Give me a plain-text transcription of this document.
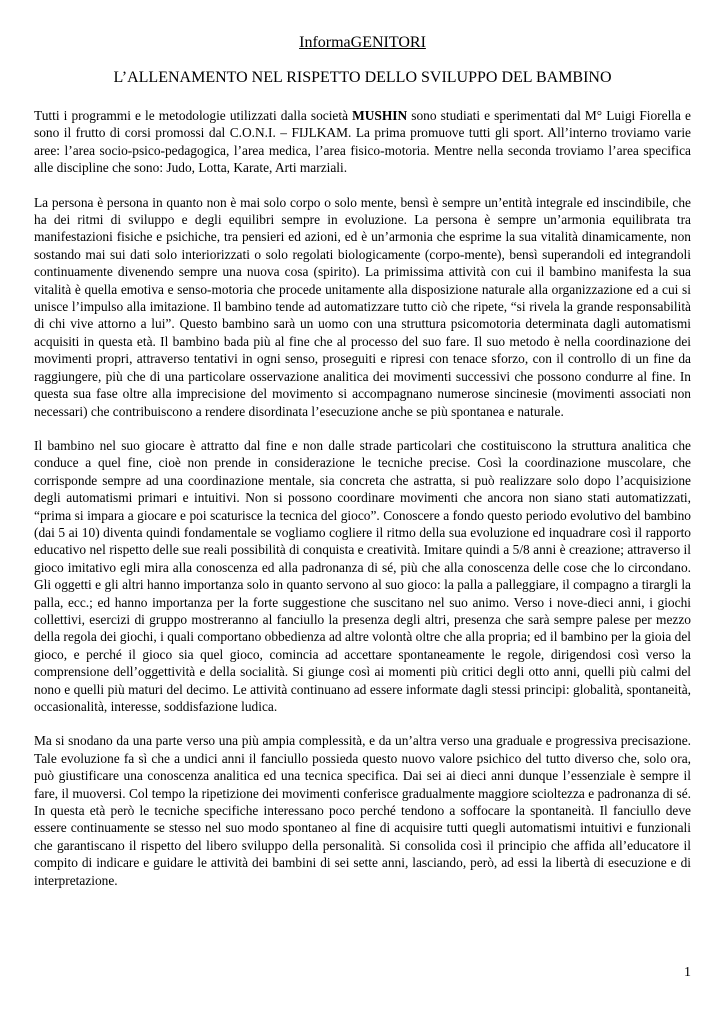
InformaGENITORI
L’ALLENAMENTO NEL RISPETTO DELLO SVILUPPO DEL BAMBINO

Tutti i programmi e le metodologie utilizzati dalla società MUSHIN sono studiati e sperimentati dal M° Luigi Fiorella e sono il frutto di corsi promossi dal C.O.N.I. – FIJLKAM. La prima promuove tutti gli sport. All’interno troviamo varie aree: l’area socio-psico-pedagogica, l’area medica, l’area fisico-motoria. Mentre nella seconda troviamo l’area specifica alle discipline che sono: Judo, Lotta, Karate, Arti marziali.

La persona è persona in quanto non è mai solo corpo o solo mente, bensì è sempre un’entità integrale ed inscindibile, che ha dei ritmi di sviluppo e degli equilibri sempre in evoluzione. La persona è sempre un’armonia equilibrata tra manifestazioni fisiche e psichiche, tra pensieri ed azioni, ed è un’armonia che esprime la sua vitalità dinamicamente, non sostando mai sui dati solo interiorizzati o solo regolati biologicamente (corpo-mente), bensì superandoli ed integrandoli continuamente divenendo sempre una nuova cosa (spirito). La primissima attività con cui il bambino manifesta la sua vitalità è quella emotiva e senso-motoria che procede unitamente alla disposizione naturale alla organizzazione ed a cui si unisce l’impulso alla imitazione. Il bambino tende ad automatizzare tutto ciò che ripete, “si rivela la grande responsabilità di chi vive attorno a lui”. Questo bambino sarà un uomo con una struttura psicomotoria determinata dagli automatismi acquisiti in questa età. Il bambino bada più al fine che al processo del suo fare. Il suo metodo è nella coordinazione dei movimenti propri, attraverso tentativi in ogni senso, proseguiti e ripresi con tenace sforzo, con il controllo di un fine da raggiungere, più che di una particolare osservazione analitica dei movimenti successivi che possono condurre al fine. In questa sua fase oltre alla imprecisione del movimento si accompagnano numerose sincinesie (movimenti associati non necessari) che contribuiscono a rendere disordinata l’esecuzione anche se più spontanea e naturale.

Il bambino nel suo giocare è attratto dal fine e non dalle strade particolari che costituiscono la struttura analitica che conduce a quel fine, cioè non prende in considerazione le tecniche precise. Così la coordinazione muscolare, che corrisponde sempre ad una coordinazione mentale, sia concreta che astratta, si può realizzare solo dopo l’acquisizione degli automatismi primari e intuitivi. Non si possono coordinare movimenti che ancora non siano stati automatizzati, “prima si impara a giocare e poi scaturisce la tecnica del gioco”. Conoscere a fondo questo periodo evolutivo del bambino (dai 5 ai 10) diventa quindi fondamentale se vogliamo cogliere il ritmo della sua evoluzione ed inquadrare così il rapporto educativo nel rispetto delle sue reali possibilità di conquista e creatività. Imitare quindi a 5/8 anni è creazione; attraverso il gioco imitativo egli mira alla conoscenza ed alla padronanza di sé, più che alla conoscenza delle cose che lo circondano. Gli oggetti e gli altri hanno importanza solo in quanto servono al suo gioco: la palla a palleggiare, il compagno a tirargli la palla, ecc.; ed hanno importanza per la forte suggestione che suscitano nel suo animo. Verso i nove-dieci anni, i giochi collettivi, esercizi di gruppo mostreranno al fanciullo la presenza degli altri, presenza che sarà sempre palese per mezzo della regola dei giochi, i quali comportano obbedienza ad altre volontà oltre che alla propria; ed il bambino per la gioia del gioco, e perché il gioco sia quel gioco, comincia ad accettare spontaneamente le regole, dirigendosi così verso la comprensione dell’oggettività e della socialità. Si giunge così ai momenti più critici degli otto anni, quelli più calmi del nono e quelli più maturi del decimo. Le attività continuano ad essere informate dagli stessi principi: globalità, spontaneità, occasionalità, interesse, soddisfazione ludica.

Ma si snodano da una parte verso una più ampia complessità, e da un’altra verso una graduale e progressiva precisazione. Tale evoluzione fa sì che a undici anni il fanciullo possieda questo nuovo valore psichico del tutto diverso che, solo ora, può giustificare una conoscenza analitica ed una tecnica specifica. Dai sei ai dieci anni dunque l’essenziale è sempre il fare, il muoversi. Col tempo la ripetizione dei movimenti conferisce gradualmente maggiore scioltezza e padronanza di sé. In questa età però le tecniche specifiche interessano poco perché tendono a soffocare la spontaneità. Il fanciullo deve essere continuamente se stesso nel suo modo spontaneo al fine di acquisire tutti quegli automatismi intuitivi e funzionali che garantiscano il rispetto del libero sviluppo della personalità. Si consolida così il principio che affida all’educatore il compito di indicare e guidare le attività dei bambini di sei sette anni, lasciando, però, ad essi la libertà di esecuzione e di interpretazione.

1
